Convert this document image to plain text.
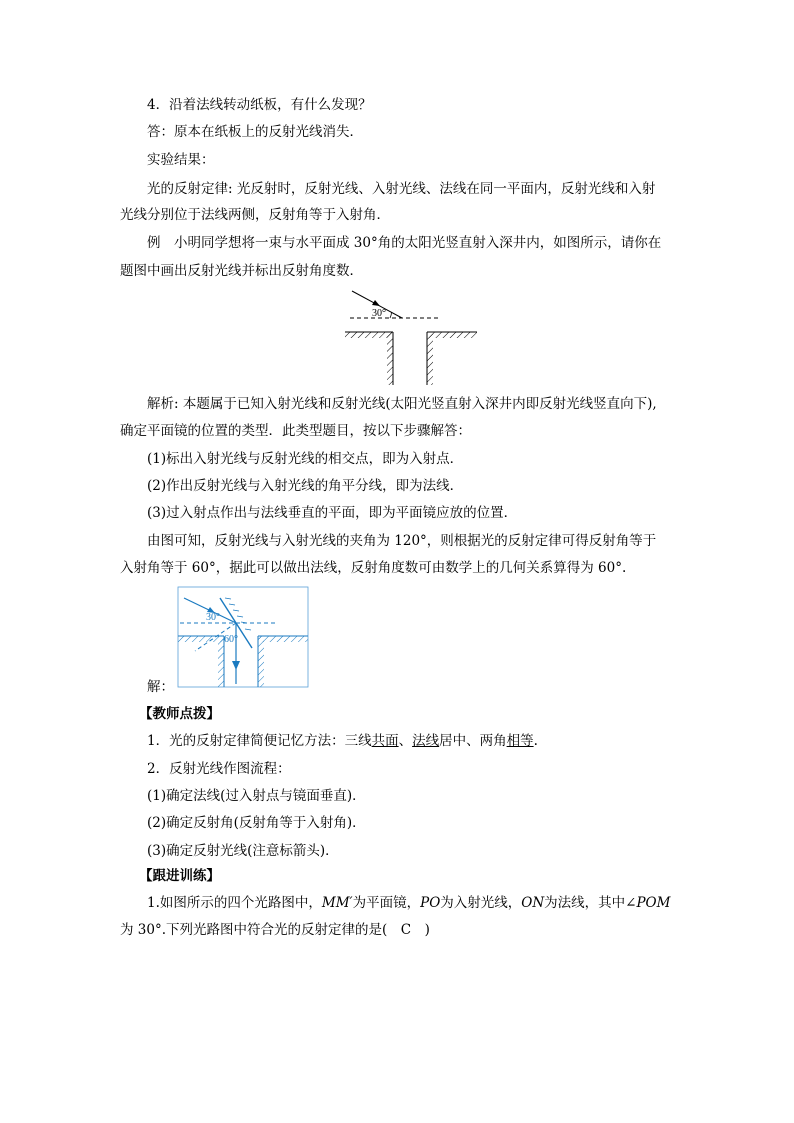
4．沿着法线转动纸板，有什么发现？
答：原本在纸板上的反射光线消失．
实验结果：
光的反射定律: 光反射时，反射光线、入射光线、法线在同一平面内，反射光线和入射
光线分别位于法线两侧，反射角等于入射角．
例　小明同学想将一束与水平面成 30°角的太阳光竖直射入深井内，如图所示，请你在
题图中画出反射光线并标出反射角度数．
30°
解析: 本题属于已知入射光线和反射光线(太阳光竖直射入深井内即反射光线竖直向下),
确定平面镜的位置的类型．此类型题目，按以下步骤解答：
(1)标出入射光线与反射光线的相交点，即为入射点．
(2)作出反射光线与入射光线的角平分线，即为法线．
(3)过入射点作出与法线垂直的平面，即为平面镜应放的位置．
由图可知，反射光线与入射光线的夹角为 120°，则根据光的反射定律可得反射角等于
入射角等于 60°，据此可以做出法线，反射角度数可由数学上的几何关系算得为 60°.
30°
60°
解：
【教师点拨】
1．光的反射定律简便记忆方法：三线共面、法线居中、两角相等.
2．反射光线作图流程：
(1)确定法线(过入射点与镜面垂直)．
(2)确定反射角(反射角等于入射角)．
(3)确定反射光线(注意标箭头)．
【跟进训练】
1.如图所示的四个光路图中，MM′为平面镜，PO为入射光线，ON为法线，其中∠POM
为 30°.下列光路图中符合光的反射定律的是(　C　)
